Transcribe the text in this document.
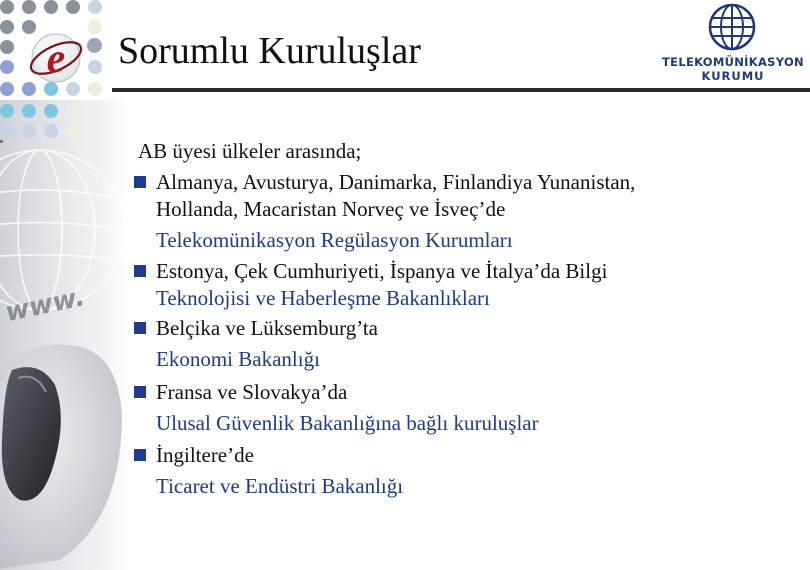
www.
e Sorumlu Kuruluşlar	TELEKOMÜNİKASYON
KURUMU
AB üyesi ülkeler arasında;
Almanya, Avusturya, Danimarka, Finlandiya Yunanistan,
Hollanda, Macaristan Norveç ve İsveç’de
Telekomünikasyon Regülasyon Kurumları
Estonya, Çek Cumhuriyeti, İspanya ve İtalya’da Bilgi
Teknolojisi ve Haberleşme Bakanlıkları
Belçika ve Lüksemburg’ta
Ekonomi Bakanlığı
Fransa ve Slovakya’da
Ulusal Güvenlik Bakanlığına bağlı kuruluşlar
İngiltere’de
Ticaret ve Endüstri Bakanlığı
